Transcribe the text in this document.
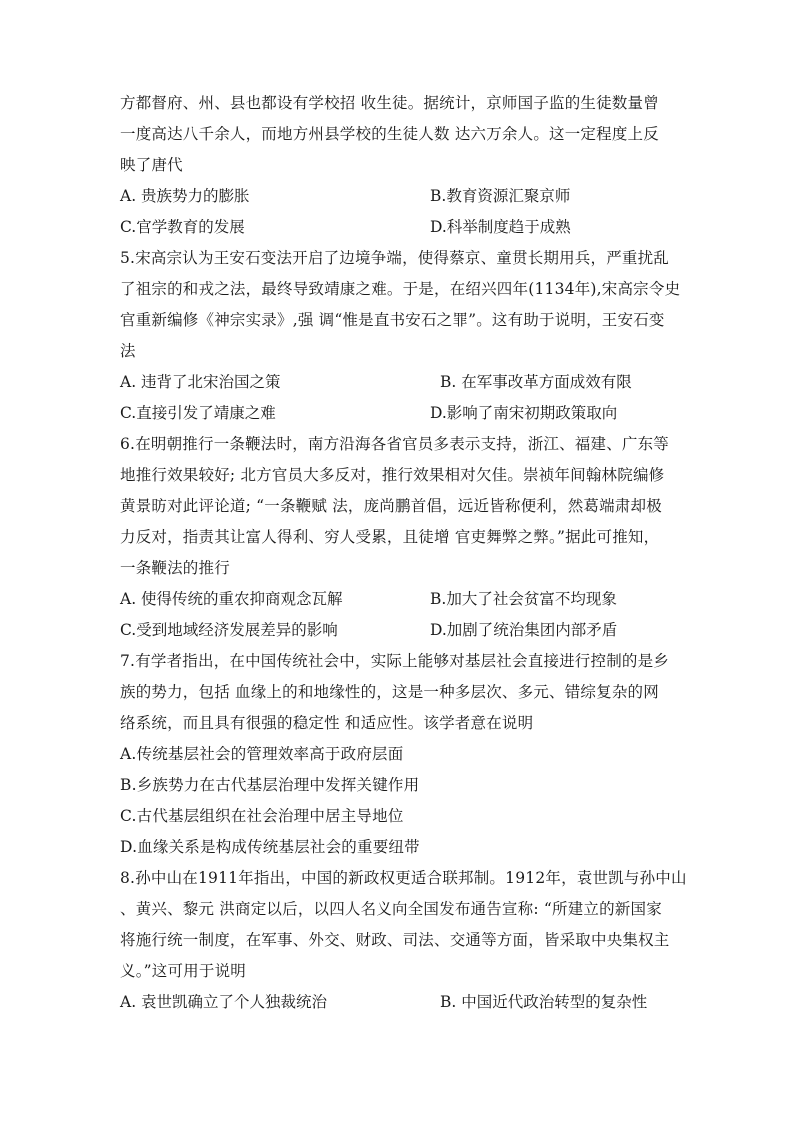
方都督府、州、县也都设有学校招 收生徒。据统计，京师国子监的生徒数量曾
一度高达八千余人，而地方州县学校的生徒人数 达六万余人。这一定程度上反
映了唐代
A. 贵族势力的膨胀	B.教育资源汇聚京师
C.官学教育的发展	D.科举制度趋于成熟
5.宋高宗认为王安石变法开启了边境争端，使得蔡京、童贯长期用兵，严重扰乱
了祖宗的和戎之法，最终导致靖康之难。于是，在绍兴四年(1134年),宋高宗令史
官重新编修《神宗实录》,强 调“惟是直书安石之罪”。这有助于说明，王安石变
法
A. 违背了北宋治国之策	B. 在军事改革方面成效有限
C.直接引发了靖康之难	D.影响了南宋初期政策取向
6.在明朝推行一条鞭法时，南方沿海各省官员多表示支持，浙江、福建、广东等
地推行效果较好; 北方官员大多反对，推行效果相对欠佳。崇祯年间翰林院编修
黄景昉对此评论道; “一条鞭赋 法，庞尚鹏首倡，远近皆称便利，然葛端肃却极
力反对，指责其让富人得利、穷人受累，且徒增 官吏舞弊之弊。”据此可推知，
一条鞭法的推行
A. 使得传统的重农抑商观念瓦解	B.加大了社会贫富不均现象
C.受到地域经济发展差异的影响	D.加剧了统治集团内部矛盾
7.有学者指出，在中国传统社会中，实际上能够对基层社会直接进行控制的是乡
族的势力，包括 血缘上的和地缘性的，这是一种多层次、多元、错综复杂的网
络系统，而且具有很强的稳定性 和适应性。该学者意在说明
A.传统基层社会的管理效率高于政府层面
B.乡族势力在古代基层治理中发挥关键作用
C.古代基层组织在社会治理中居主导地位
D.血缘关系是构成传统基层社会的重要纽带
8.孙中山在1911年指出，中国的新政权更适合联邦制。1912年，袁世凯与孙中山
、黄兴、黎元 洪商定以后，以四人名义向全国发布通告宣称: “所建立的新国家
将施行统一制度，在军事、外交、财政、司法、交通等方面，皆采取中央集权主
义。”这可用于说明
A. 袁世凯确立了个人独裁统治	B. 中国近代政治转型的复杂性
